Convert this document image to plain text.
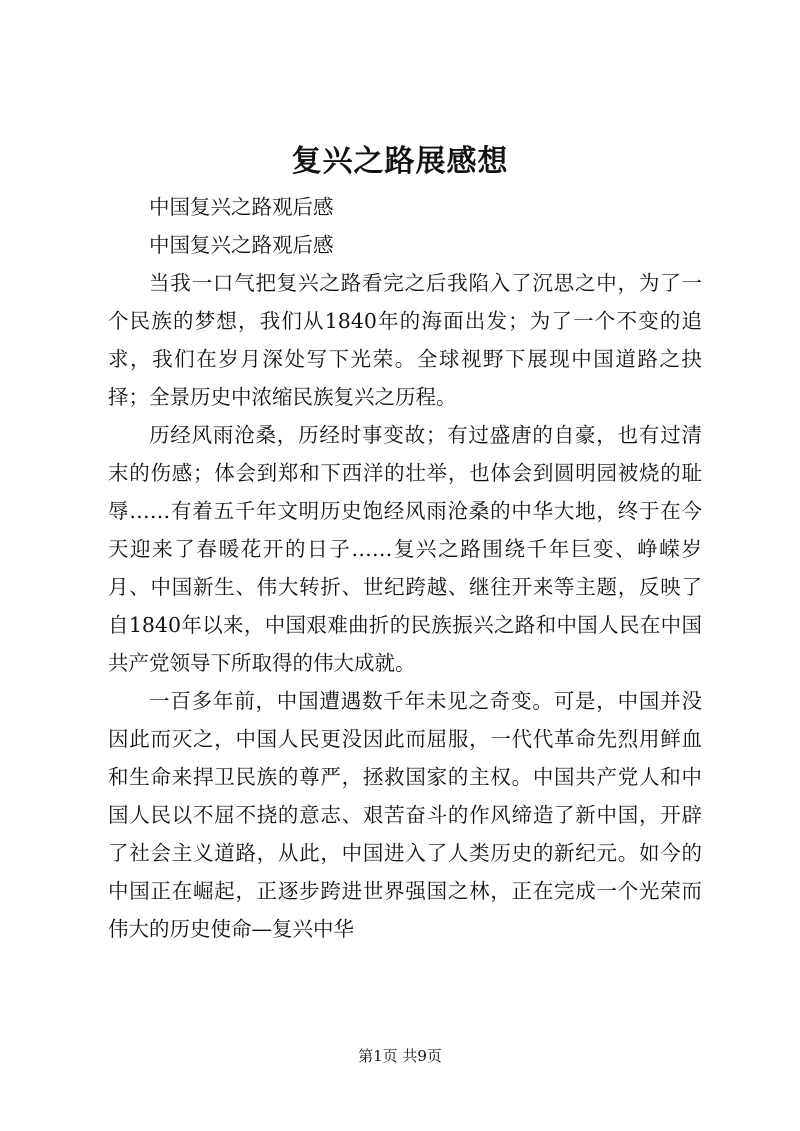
复兴之路展感想

中国复兴之路观后感

中国复兴之路观后感

当我一口气把复兴之路看完之后我陷入了沉思之中，为了一个民族的梦想，我们从1840年的海面出发；为了一个不变的追求，我们在岁月深处写下光荣。全球视野下展现中国道路之抉择；全景历史中浓缩民族复兴之历程。

历经风雨沧桑，历经时事变故；有过盛唐的自豪，也有过清末的伤感；体会到郑和下西洋的壮举，也体会到圆明园被烧的耻辱……有着五千年文明历史饱经风雨沧桑的中华大地，终于在今天迎来了春暖花开的日子……复兴之路围绕千年巨变、峥嵘岁月、中国新生、伟大转折、世纪跨越、继往开来等主题，反映了自1840年以来，中国艰难曲折的民族振兴之路和中国人民在中国共产党领导下所取得的伟大成就。

一百多年前，中国遭遇数千年未见之奇变。可是，中国并没因此而灭之，中国人民更没因此而屈服，一代代革命先烈用鲜血和生命来捍卫民族的尊严，拯救国家的主权。中国共产党人和中国人民以不屈不挠的意志、艰苦奋斗的作风缔造了新中国，开辟了社会主义道路，从此，中国进入了人类历史的新纪元。如今的中国正在崛起，正逐步跨进世界强国之林，正在完成一个光荣而伟大的历史使命—复兴中华

第1页 共9页
